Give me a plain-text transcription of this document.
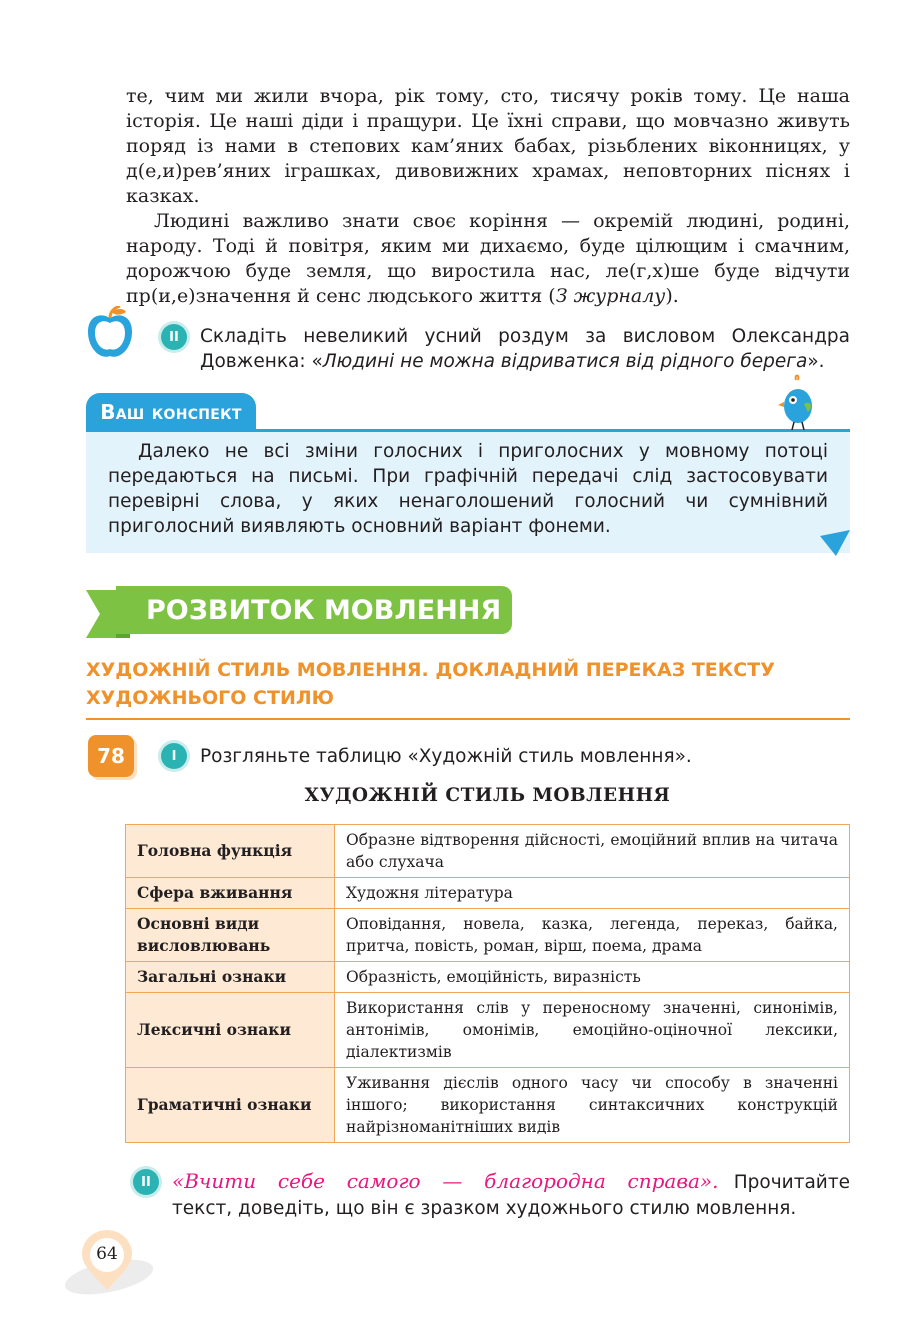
те, чим ми жили вчора, рік тому, сто, тисячу років тому. Це наша історія. Це наші діди і пращури. Це їхні справи, що мовчазно живуть поряд із нами в степових кам’яних бабах, різьблених віконницях, у д(е,и)рев’яних іграшках, дивовижних храмах, неповторних піснях і казках.

Людині важливо знати своє коріння — окремій людині, родині, народу. Тоді й повітря, яким ми дихаємо, буде цілющим і смачним, дорожчою буде земля, що виростила нас, ле(г,х)ше буде відчути пр(и,е)значення й сенс людського життя (З журналу).

II	Складіть невеликий усний роздум за висловом Олександра Довженка: «Людині не можна відриватися від рідного берега».
Ваш конспект
Далеко не всі зміни голосних і приголосних у мовному потоці передаються на письмі. При графічній передачі слід застосовувати перевірні слова, у яких ненаголошений голосний чи сумнівний приголосний виявляють основний варіант фонеми.
РОЗВИТОК МОВЛЕННЯ
ХУДОЖНІЙ СТИЛЬ МОВЛЕННЯ. ДОКЛАДНИЙ ПЕРЕКАЗ ТЕКСТУ
ХУДОЖНЬОГО СТИЛЮ
78	I	Розгляньте таблицю «Художній стиль мовлення».
ХУДОЖНІЙ СТИЛЬ МОВЛЕННЯ
Головна функція	Образне відтворення дійсності, емоційний вплив на читача або слухача
Сфера вживання	Художня література
Основні види висловлювань	Оповідання, новела, казка, легенда, переказ, байка, притча, повість, роман, вірш, поема, драма
Загальні ознаки	Образність, емоційність, виразність
Лексичні ознаки	Використання слів у переносному значенні, синонімів, антонімів, омонімів, емоційно-оціночної лексики, діалектизмів
Граматичні ознаки	Уживання дієслів одного часу чи способу в значенні іншого; використання синтаксичних конструкцій найрізноманітніших видів
II	«Вчити себе самого — благородна справа». Прочитайте текст, доведіть, що він є зразком художнього стилю мовлення.
64
